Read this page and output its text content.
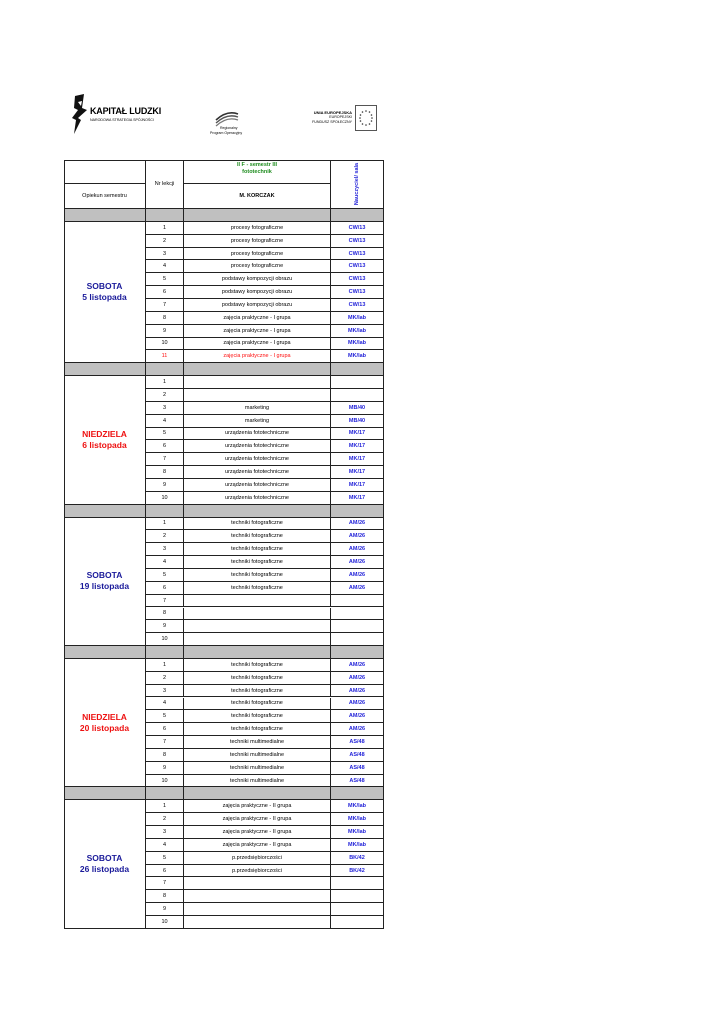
KAPITAŁ LUDZKI
NARODOWA STRATEGIA SPÓJNOŚCI
Regionalny
Program Operacyjny
UNIA EUROPEJSKA
EUROPEJSKI
FUNDUSZ SPOŁECZNY
Opiekun semestru
Nr lekcji
II F - semestr III
fototechnik
M. KORCZAK	Nauczyciel/ sala
SOBOTA
5 listopada
1	procesy fotograficzne	CW/13
2	procesy fotograficzne	CW/13
3	procesy fotograficzne	CW/13
4	procesy fotograficzne	CW/13
5	podstawy kompozycji obrazu	CW/13
6	podstawy kompozycji obrazu	CW/13
7	podstawy kompozycji obrazu	CW/13
8	zajęcia praktyczne - I grupa	MK/lab
9	zajęcia praktyczne - I grupa	MK/lab
10	zajęcia praktyczne - I grupa	MK/lab
11	zajęcia praktyczne - I grupa	MK/lab
NIEDZIELA
6 listopada
1
2
3	marketing	MB/40
4	marketing	MB/40
5	urządzenia fototechniczne	MK/17
6	urządzenia fototechniczne	MK/17
7	urządzenia fototechniczne	MK/17
8	urządzenia fototechniczne	MK/17
9	urządzenia fototechniczne	MK/17
10	urządzenia fototechniczne	MK/17
SOBOTA
19 listopada
1	techniki fotograficzne	AM/26
2	techniki fotograficzne	AM/26
3	techniki fotograficzne	AM/26
4	techniki fotograficzne	AM/26
5	techniki fotograficzne	AM/26
6	techniki fotograficzne	AM/26
7
8
9
10
NIEDZIELA
20 listopada
1	techniki fotograficzne	AM/26
2	techniki fotograficzne	AM/26
3	techniki fotograficzne	AM/26
4	techniki fotograficzne	AM/26
5	techniki fotograficzne	AM/26
6	techniki fotograficzne	AM/26
7	techniki multimedialne	AS/48
8	techniki multimedialne	AS/48
9	techniki multimedialne	AS/48
10	techniki multimedialne	AS/48
SOBOTA
26 listopada
1	zajęcia praktyczne - II grupa	MK/lab
2	zajęcia praktyczne - II grupa	MK/lab
3	zajęcia praktyczne - II grupa	MK/lab
4	zajęcia praktyczne - II grupa	MK/lab
5	p.przedsiębiorczości	BK/42
6	p.przedsiębiorczości	BK/42
7
8
9
10
